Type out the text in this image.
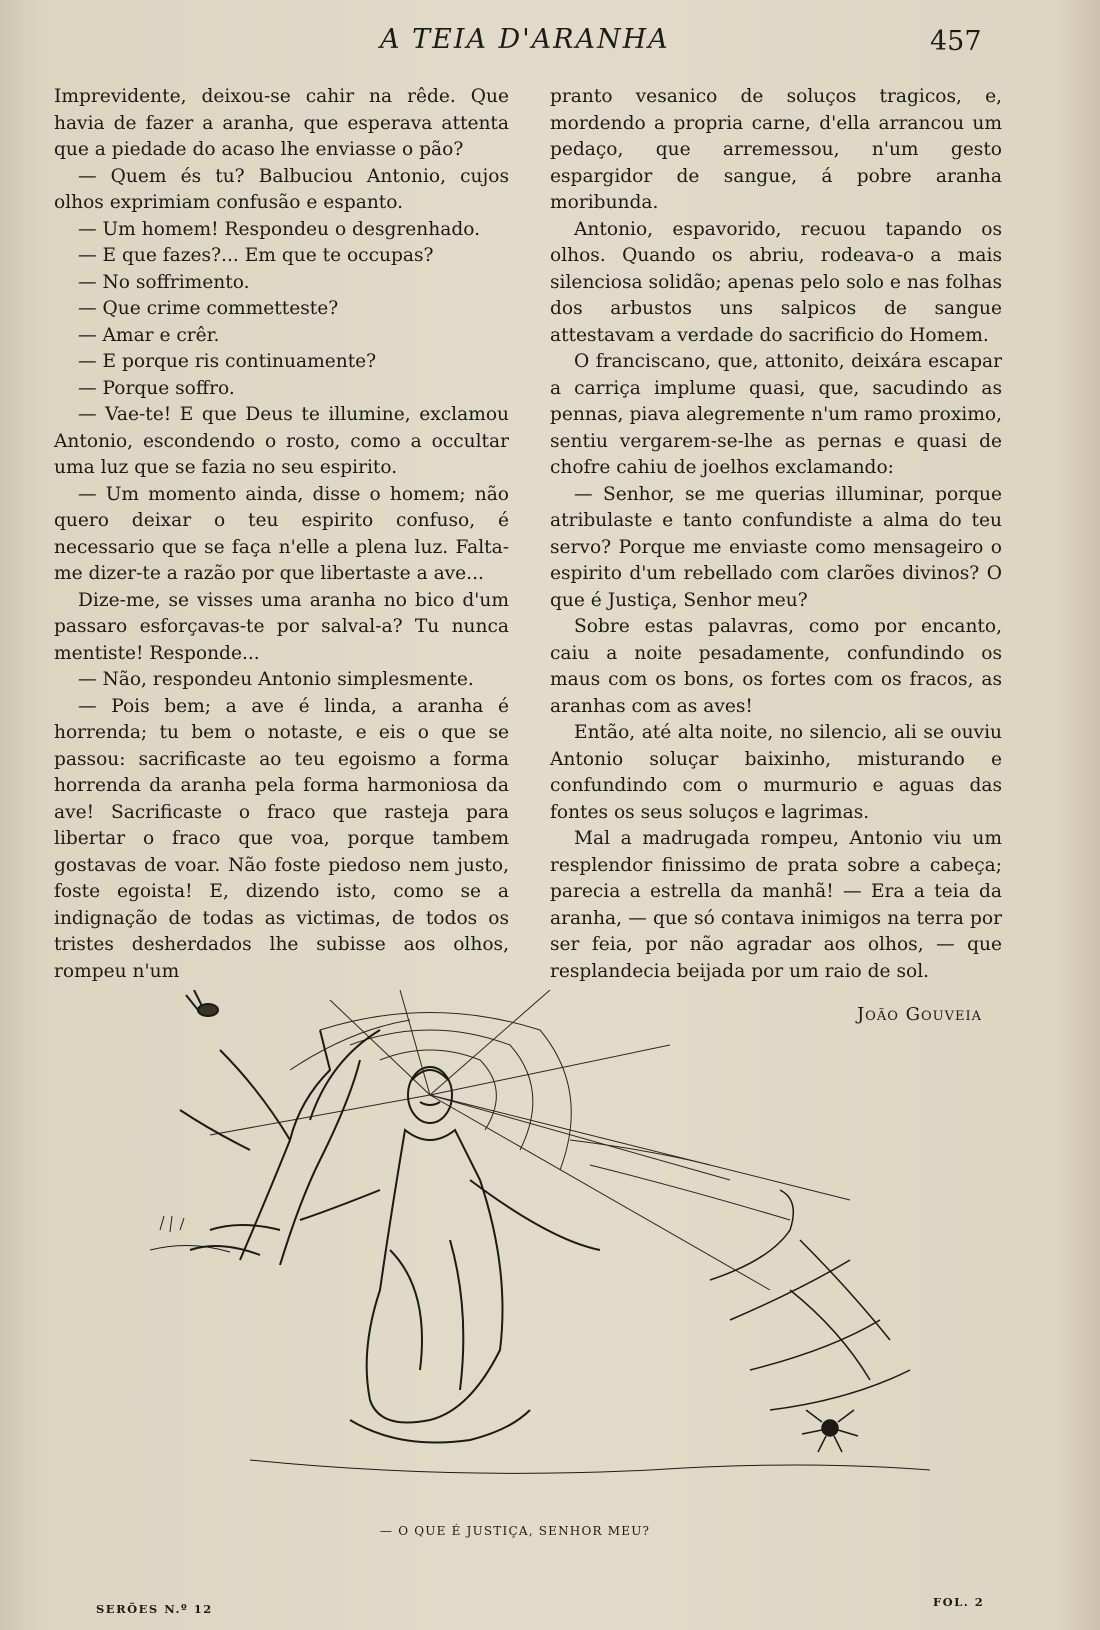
A TEIA D'ARANHA	457

Imprevidente, deixou-se cahir na rêde. Que havia de fazer a aranha, que esperava attenta que a piedade do acaso lhe enviasse o pão?

— Quem és tu? Balbuciou Antonio, cujos olhos exprimiam confusão e espanto.

— Um homem! Respondeu o desgrenhado.

— E que fazes?... Em que te occupas?

— No soffrimento.

— Que crime commetteste?

— Amar e crêr.

— E porque ris continuamente?

— Porque soffro.

— Vae-te! E que Deus te illumine, exclamou Antonio, escondendo o rosto, como a occultar uma luz que se fazia no seu espirito.

— Um momento ainda, disse o homem; não quero deixar o teu espirito confuso, é necessario que se faça n'elle a plena luz. Falta-me dizer-te a razão por que libertaste a ave...

Dize-me, se visses uma aranha no bico d'um passaro esforçavas-te por salval-a? Tu nunca mentiste! Responde...

— Não, respondeu Antonio simplesmente.

— Pois bem; a ave é linda, a aranha é horrenda; tu bem o notaste, e eis o que se passou: sacrificaste ao teu egoismo a forma horrenda da aranha pela forma harmoniosa da ave! Sacrificaste o fraco que rasteja para libertar o fraco que voa, porque tambem gostavas de voar. Não foste piedoso nem justo, foste egoista! E, dizendo isto, como se a indignação de todas as victimas, de todos os tristes desherdados lhe subisse aos olhos, rompeu n'um

pranto vesanico de soluços tragicos, e, mordendo a propria carne, d'ella arrancou um pedaço, que arremessou, n'um gesto espargidor de sangue, á pobre aranha moribunda.

Antonio, espavorido, recuou tapando os olhos. Quando os abriu, rodeava-o a mais silenciosa solidão; apenas pelo solo e nas folhas dos arbustos uns salpicos de sangue attestavam a verdade do sacrificio do Homem.

O franciscano, que, attonito, deixára escapar a carriça implume quasi, que, sacudindo as pennas, piava alegremente n'um ramo proximo, sentiu vergarem-se-lhe as pernas e quasi de chofre cahiu de joelhos exclamando:

— Senhor, se me querias illuminar, porque atribulaste e tanto confundiste a alma do teu servo? Porque me enviaste como mensageiro o espirito d'um rebellado com clarões divinos? O que é Justiça, Senhor meu?

Sobre estas palavras, como por encanto, caiu a noite pesadamente, confundindo os maus com os bons, os fortes com os fracos, as aranhas com as aves!

Então, até alta noite, no silencio, ali se ouviu Antonio soluçar baixinho, misturando e confundindo com o murmurio e aguas das fontes os seus soluços e lagrimas.

Mal a madrugada rompeu, Antonio viu um resplendor finissimo de prata sobre a cabeça; parecia a estrella da manhã! — Era a teia da aranha, — que só contava inimigos na terra por ser feia, por não agradar aos olhos, — que resplandecia beijada por um raio de sol.

João Gouveia
— O QUE É JUSTIÇA, SENHOR MEU?
SERÕES N.º 12	FOL. 2
